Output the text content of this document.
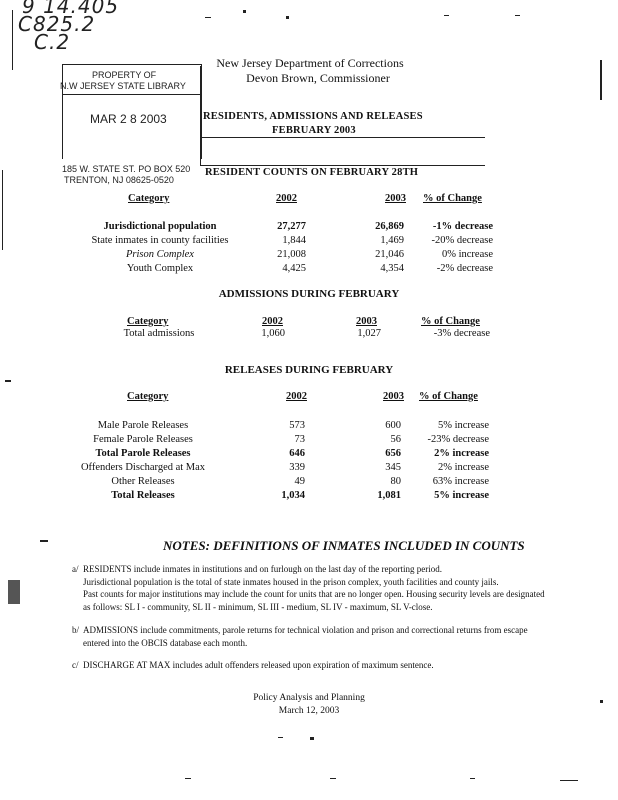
9 14.405
C825.2
C.2
PROPERTY OF
N.W JERSEY STATE LIBRARY
MAR 2 8 2003
185 W. STATE ST. PO BOX 520
TRENTON, NJ 08625-0520
New Jersey Department of Corrections
Devon Brown, Commissioner
RESIDENTS, ADMISSIONS AND RELEASES
FEBRUARY 2003
RESIDENT COUNTS ON FEBRUARY 28TH
Category	2002	2003 % of Change
Jurisdictional population	27,277	26,869	-1% decrease
State inmates in county facilities	1,844	1,469	-20% decrease
Prison Complex	21,008	21,046	0% increase
Youth Complex	4,425	4,354	-2% decrease
ADMISSIONS DURING FEBRUARY
Category	2002	2003	% of Change
Total admissions	1,060	1,027	-3% decrease
RELEASES DURING FEBRUARY
Category	2002	2003 % of Change
Male Parole Releases	573	600	5% increase
Female Parole Releases	73	56	-23% decrease
Total Parole Releases	646	656	2% increase
Offenders Discharged at Max	339	345	2% increase
Other Releases	49	80	63% increase
Total Releases	1,034	1,081	5% increase
NOTES: DEFINITIONS OF INMATES INCLUDED IN COUNTS
a/ RESIDENTS include inmates in institutions and on furlough on the last day of the reporting period.
Jurisdictional population is the total of state inmates housed in the prison complex, youth facilities and county jails.
Past counts for major institutions may include the count for units that are no longer open. Housing security levels are designated
as follows: SL I - community, SL II - minimum, SL III - medium, SL IV - maximum, SL V-close.
b/ ADMISSIONS include commitments, parole returns for technical violation and prison and correctional returns from escape
entered into the OBCIS database each month.
c/ DISCHARGE AT MAX includes adult offenders released upon expiration of maximum sentence.
Policy Analysis and Planning
March 12, 2003
